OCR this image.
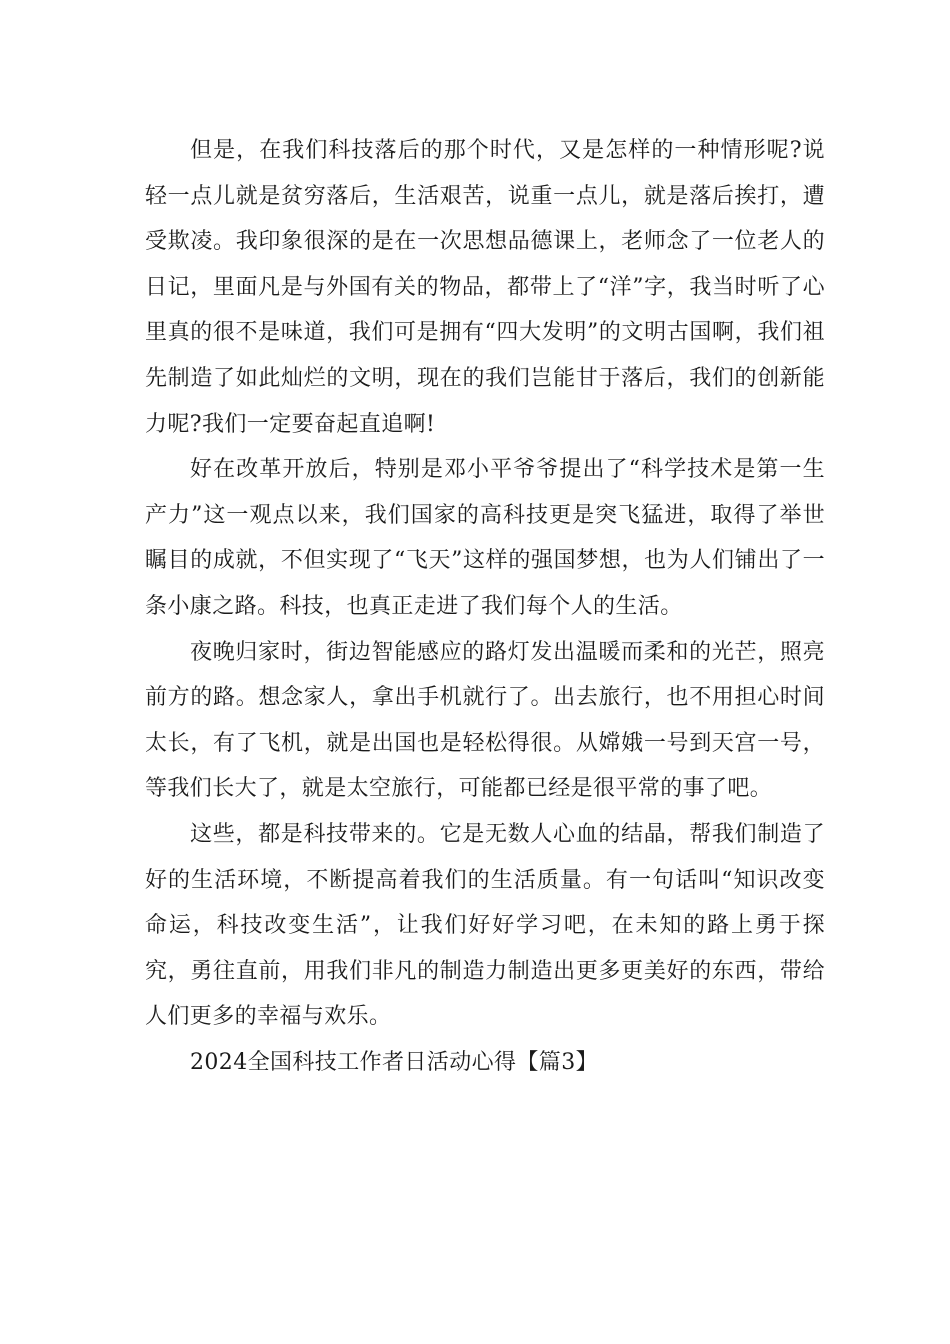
但是，在我们科技落后的那个时代，又是怎样的一种情形呢?说轻一点儿就是贫穷落后，生活艰苦，说重一点儿，就是落后挨打，遭受欺凌。我印象很深的是在一次思想品德课上，老师念了一位老人的日记，里面凡是与外国有关的物品，都带上了“洋”字，我当时听了心里真的很不是味道，我们可是拥有“四大发明”的文明古国啊，我们祖先制造了如此灿烂的文明，现在的我们岂能甘于落后，我们的创新能力呢?我们一定要奋起直追啊!

好在改革开放后，特别是邓小平爷爷提出了“科学技术是第一生产力”这一观点以来，我们国家的高科技更是突飞猛进，取得了举世瞩目的成就，不但实现了“飞天”这样的强国梦想，也为人们铺出了一条小康之路。科技，也真正走进了我们每个人的生活。

夜晚归家时，街边智能感应的路灯发出温暖而柔和的光芒，照亮前方的路。想念家人，拿出手机就行了。出去旅行，也不用担心时间太长，有了飞机，就是出国也是轻松得很。从嫦娥一号到天宫一号，等我们长大了，就是太空旅行，可能都已经是很平常的事了吧。

这些，都是科技带来的。它是无数人心血的结晶，帮我们制造了好的生活环境，不断提高着我们的生活质量。有一句话叫“知识改变命运，科技改变生活”，让我们好好学习吧，在未知的路上勇于探究，勇往直前，用我们非凡的制造力制造出更多更美好的东西，带给人们更多的幸福与欢乐。

2024全国科技工作者日活动心得【篇3】
